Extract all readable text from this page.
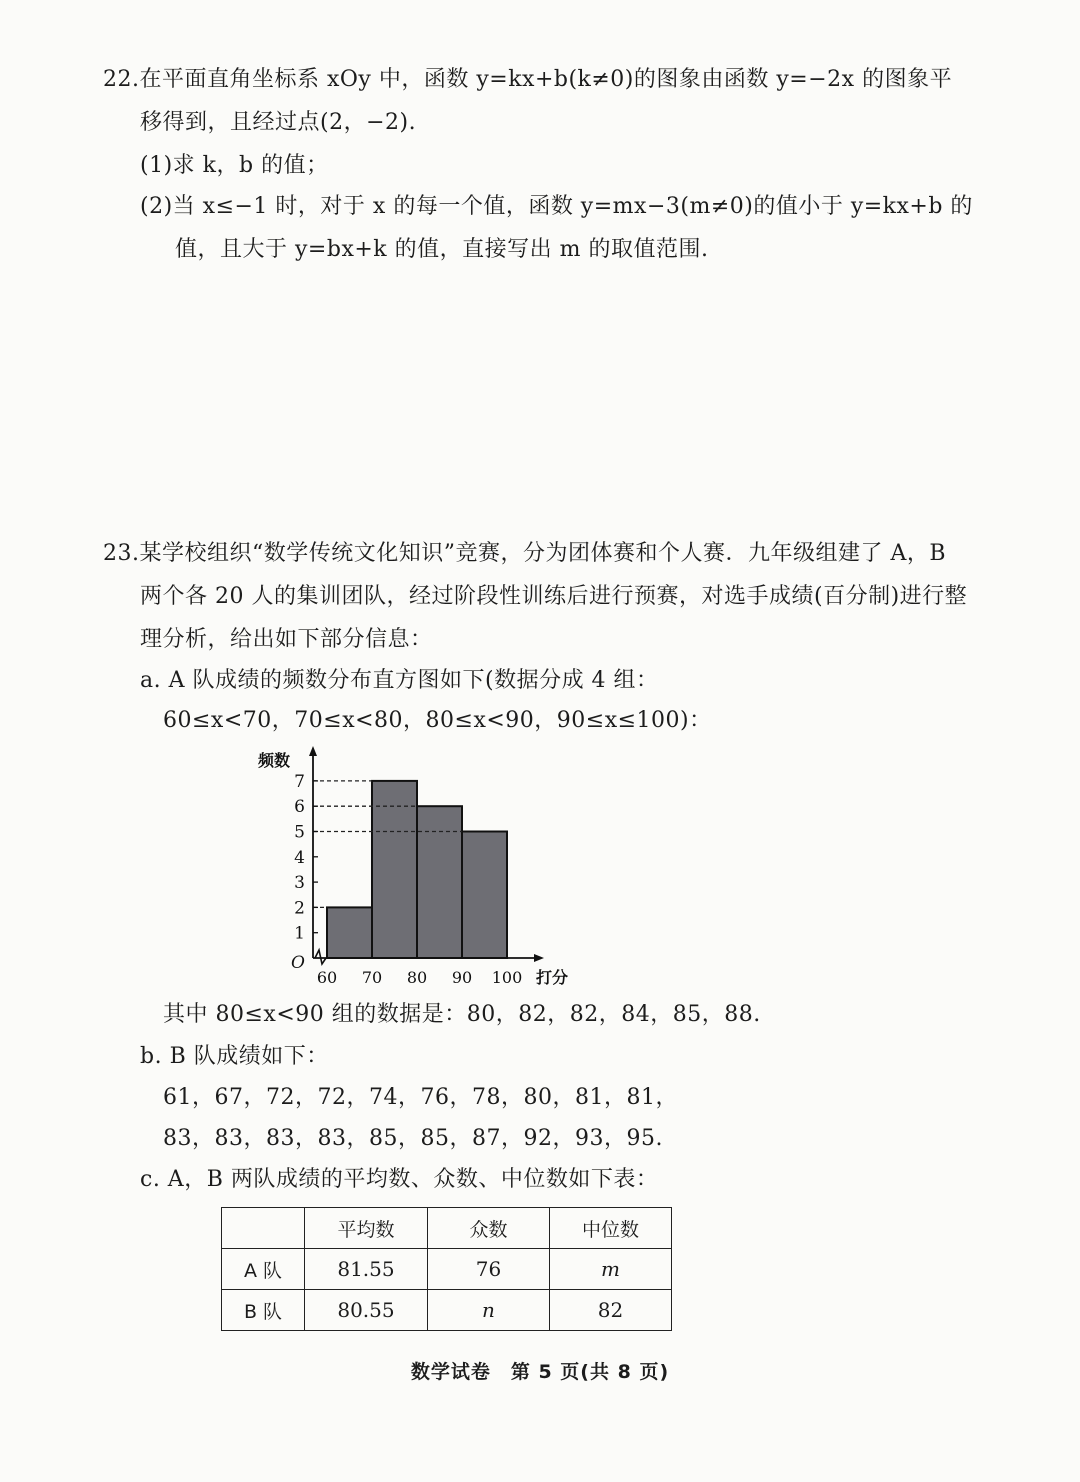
22.在平面直角坐标系 xOy 中，函数 y=kx+b(k≠0)的图象由函数 y=−2x 的图象平
移得到，且经过点(2，−2).
(1)求 k，b 的值；
(2)当 x≤−1 时，对于 x 的每一个值，函数 y=mx−3(m≠0)的值小于 y=kx+b 的
值，且大于 y=bx+k 的值，直接写出 m 的取值范围.
23.某学校组织“数学传统文化知识”竞赛，分为团体赛和个人赛．九年级组建了 A，B
两个各 20 人的集训团队，经过阶段性训练后进行预赛，对选手成绩(百分制)进行整
理分析，给出如下部分信息：
a. A 队成绩的频数分布直方图如下(数据分成 4 组：
60≤x<70，70≤x<80，80≤x<90，90≤x≤100)：
1
2
3
4
5
6
7
60 70 80 90 100
O
频数
打分
其中 80≤x<90 组的数据是：80，82，82，84，85，88.
b. B 队成绩如下：
61，67，72，72，74，76，78，80，81，81，
83，83，83，83，85，85，87，92，93，95.
c. A，B 两队成绩的平均数、众数、中位数如下表：
	平均数	众数	中位数
A 队	81.55	76	m
B 队	80.55	n	82
数学试卷　第 5 页(共 8 页)
